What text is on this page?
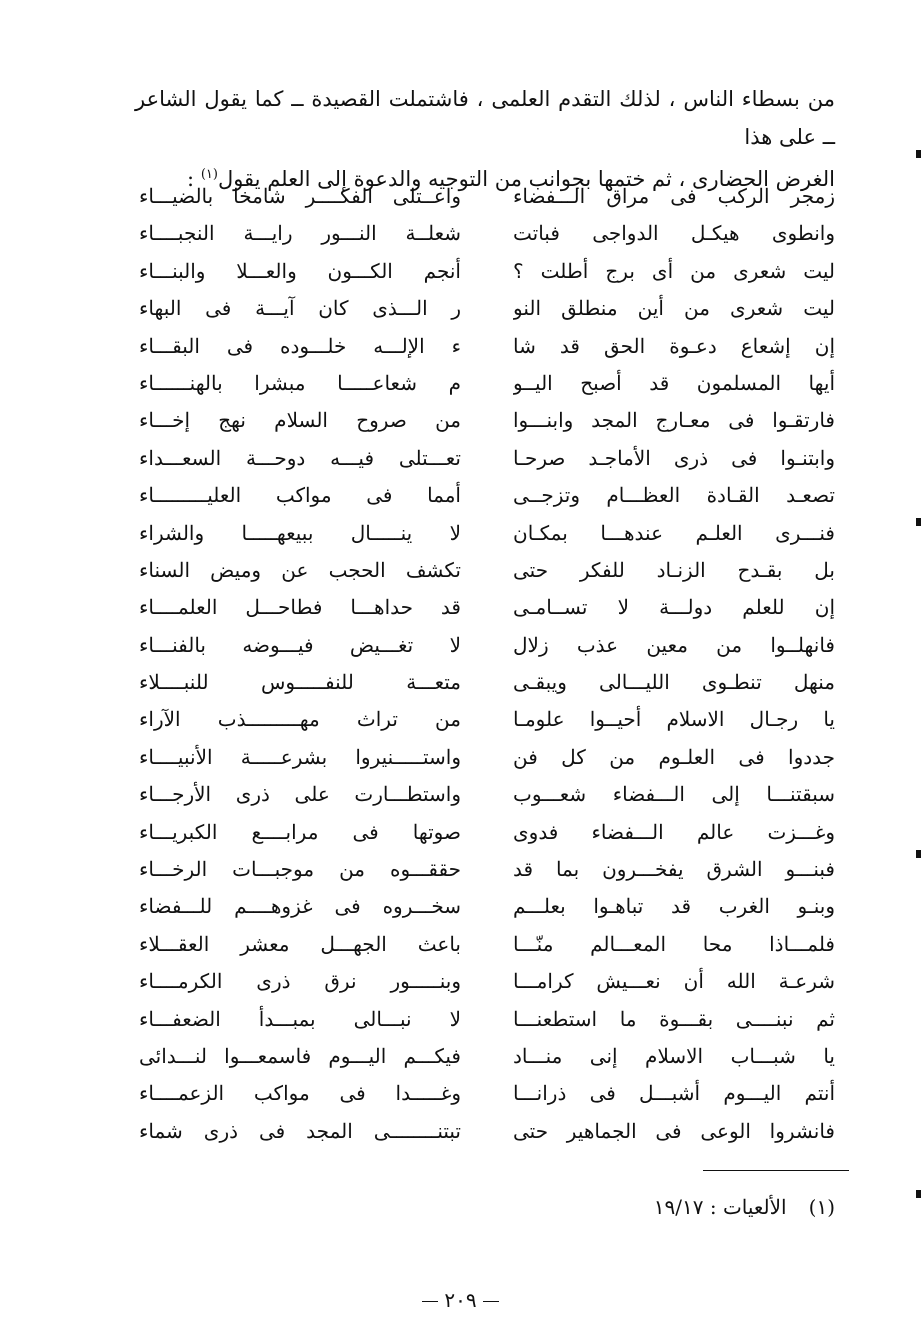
من بسطاء الناس ، لذلك التقدم العلمى ، فاشتملت القصيدة ــ كما يقول الشاعر ــ على هذا

الغرض الحضارى ، ثم ختمها بجوانب من التوجيه والدعوة إلى العلم يقول$^{(١)}$ :

زمجر الركب فى مراق الـــفضاء
وانطوى هيكـل الدواجى فباتت
ليت شعرى من أى برج أطلت ؟
ليت شعرى من أين منطلق النو
إن إشعاع دعـوة الحق قد شا
أيها المسلمون قد أصبح اليــو
فارتقـوا فى معـارج المجد وابنـــوا
وابتنـوا فى ذرى الأماجـد صرحـا
تصعـد القـادة العظـــام وتزجــى
فنـــرى العلـم عندهـــا بمكـان
بل بقـدح الزنـاد للفكر حتى
إن للعلم دولـــة لا تســامـى
فانهلــوا من معين عذب زلال
منهل تنطـوى الليـــالى ويبقـى
يا رجـال الاسلام أحيــوا علومـا
جددوا فى العلـوم من كل فن
سبقتنـــا إلى الـــفضاء شعـــوب
وغـــزت عالم الـــفضاء فدوى
فبنـــو الشرق يفخـــرون بما قد
وبنـو الغرب قد تباهـوا بعلـــم
فلمـــاذا محا المعـــالم منّـــا
شرعـة الله أن نعـــيش كرامـــا
ثم نبنــــى بقـــوة ما استطعنـــا
يا شبـــاب الاسلام إنى منـــاد
أنتم اليـــوم أشبـــل فى ذرانـــا
فانشروا الوعى فى الجماهير حتى
واعــتلى الفكــــر شامخا بالضيـــاء
شعلــة النـــور رايـــة النجبــــاء
أنجم الكـــون والعـــلا والبنـــاء
ر الـــذى كان آيـــة فى البهاء
ء الإلـــه خلـــوده فى البقـــاء
م شعاعـــــا مبشرا بالهنــــــاء
من صروح السلام نهج إخـــاء
تعـــتلى فيـــه دوحـــة السعـــداء
أمما فى مواكب العليـــــــــاء
لا ينـــــال ببيعهـــــا والشراء
تكشف الحجب عن وميض السناء
قد حداهـــا فطاحـــل العلمــــاء
لا تغـــيض فيـــوضه بالفنـــاء
متعـــة للنفـــــوس للنبــــلاء
من تراث مهـــــــــذب الآراء
واستـــــنيروا بشرعـــــة الأنبيــــاء
واستطـــارت على ذرى الأرجـــاء
صوتها فى مرابــــع الكبريـــاء
حققـــوه من موجبـــات الرخـــاء
سخـــروه فى غزوهــــم للـــفضاء
باعث الجهـــل معشر العقـــلاء
وبنـــــور نرق ذرى الكرمــــاء
لا نبـــالى بمبـــدأ الضعفـــاء
فيكـــم اليـــوم فاسمعـــوا لنـــدائى
وغـــــدا فى مواكب الزعمــــاء
تبتنــــــــى المجد فى ذرى شماء
(١)الألعيات : ١٩/١٧
٢٠٩
